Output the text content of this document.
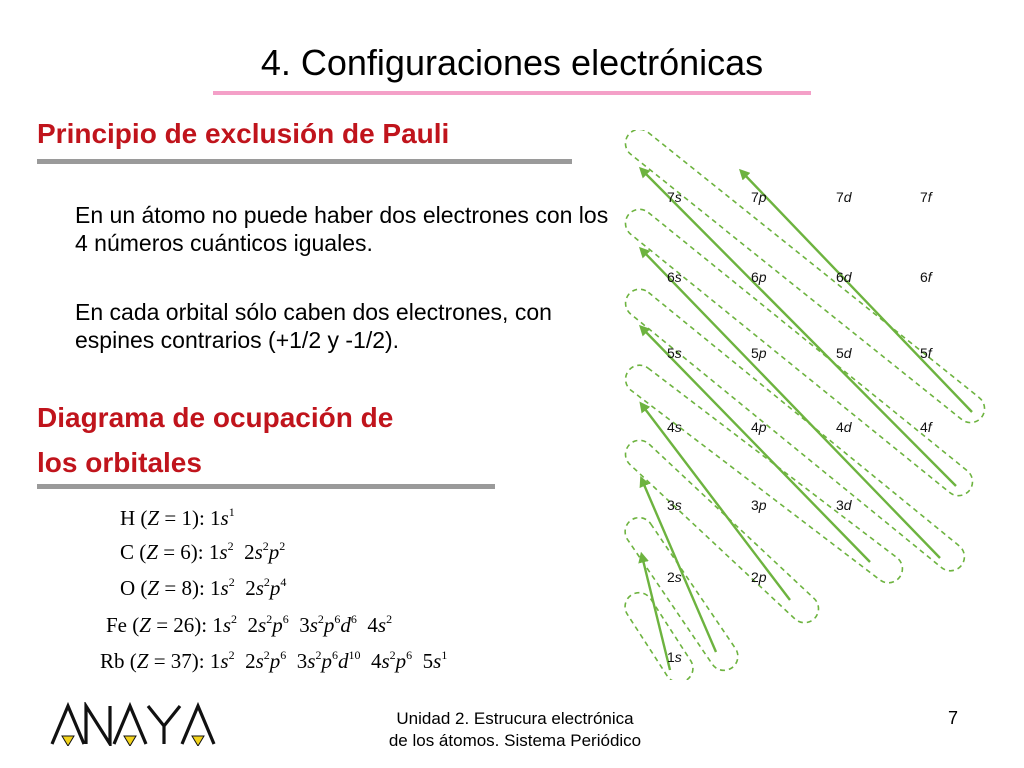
4. Configuraciones electrónicas
Principio de exclusión de Pauli
En un átomo no puede haber dos electrones con los 4 números cuánticos iguales.
En cada orbital sólo caben dos electrones, con espines contrarios (+1/2 y -1/2).
Diagrama de ocupación de
los orbitales
H (Z = 1): $1s^1$
C (Z = 6): $1s^2$  $2s^2p^2$
O (Z = 8): $1s^2$  $2s^2p^4$
Fe (Z = 26): $1s^2$  $2s^2p^6$  $3s^2p^6d^6$  $4s^2$
Rb (Z = 37): $1s^2$  $2s^2p^6$  $3s^2p^6d^{10}$  $4s^2p^6$  $5s^1$
7s	7p	7d	7f
6s	6p	6d	6f
5s	5p	5d	5f
4s	4p	4d	4f
3s	3p	3d
2s	2p
1s
Unidad 2. Estrucura electrónica
de los átomos. Sistema Periódico
7
